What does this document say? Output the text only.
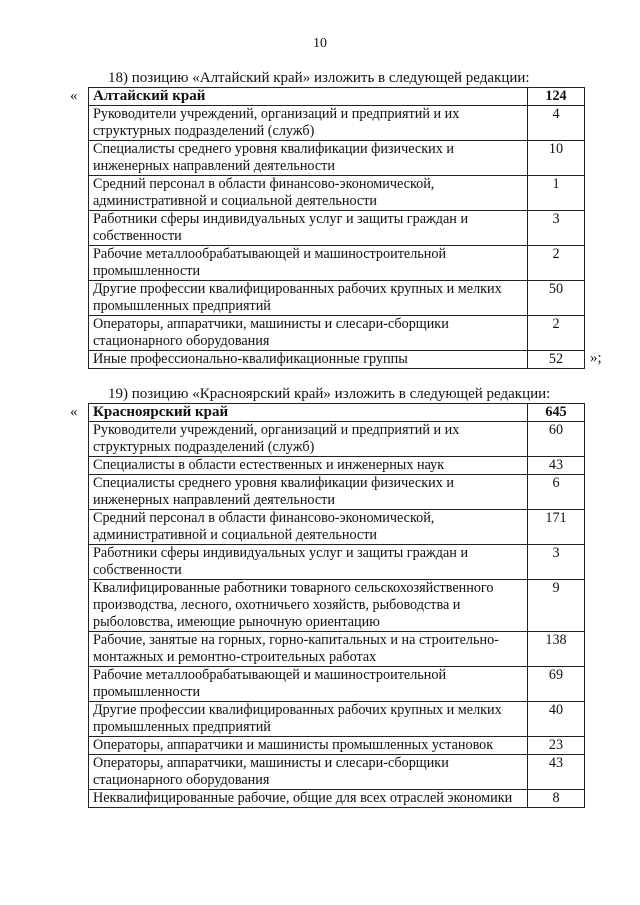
10
18) позицию «Алтайский край» изложить в следующей редакции:
« Алтайский край	124
Руководители учреждений, организаций и предприятий и их структурных подразделений (служб)	4
Специалисты среднего уровня квалификации физических и инженерных направлений деятельности	10
Средний персонал в области финансово-экономической, административной и социальной деятельности	1
Работники сферы индивидуальных услуг и защиты граждан и собственности	3
Рабочие металлообрабатывающей и машиностроительной промышленности	2
Другие профессии квалифицированных рабочих крупных и мелких промышленных предприятий	50
Операторы, аппаратчики, машинисты и слесари-сборщики стационарного оборудования	2
Иные профессионально-квалификационные группы	52 »;
19) позицию «Красноярский край» изложить в следующей редакции:
« Красноярский край	645
Руководители учреждений, организаций и предприятий и их структурных подразделений (служб)	60
Специалисты в области естественных и инженерных наук	43
Специалисты среднего уровня квалификации физических и инженерных направлений деятельности	6
Средний персонал в области финансово-экономической, административной и социальной деятельности	171
Работники сферы индивидуальных услуг и защиты граждан и собственности	3
Квалифицированные работники товарного сельскохозяйственного производства, лесного, охотничьего хозяйств, рыбоводства и рыболовства, имеющие рыночную ориентацию	9
Рабочие, занятые на горных, горно-капитальных и на строительно-монтажных и ремонтно-строительных работах	138
Рабочие металлообрабатывающей и машиностроительной промышленности	69
Другие профессии квалифицированных рабочих крупных и мелких промышленных предприятий	40
Операторы, аппаратчики и машинисты промышленных установок	23
Операторы, аппаратчики, машинисты и слесари-сборщики стационарного оборудования	43
Неквалифицированные рабочие, общие для всех отраслей экономики	8
